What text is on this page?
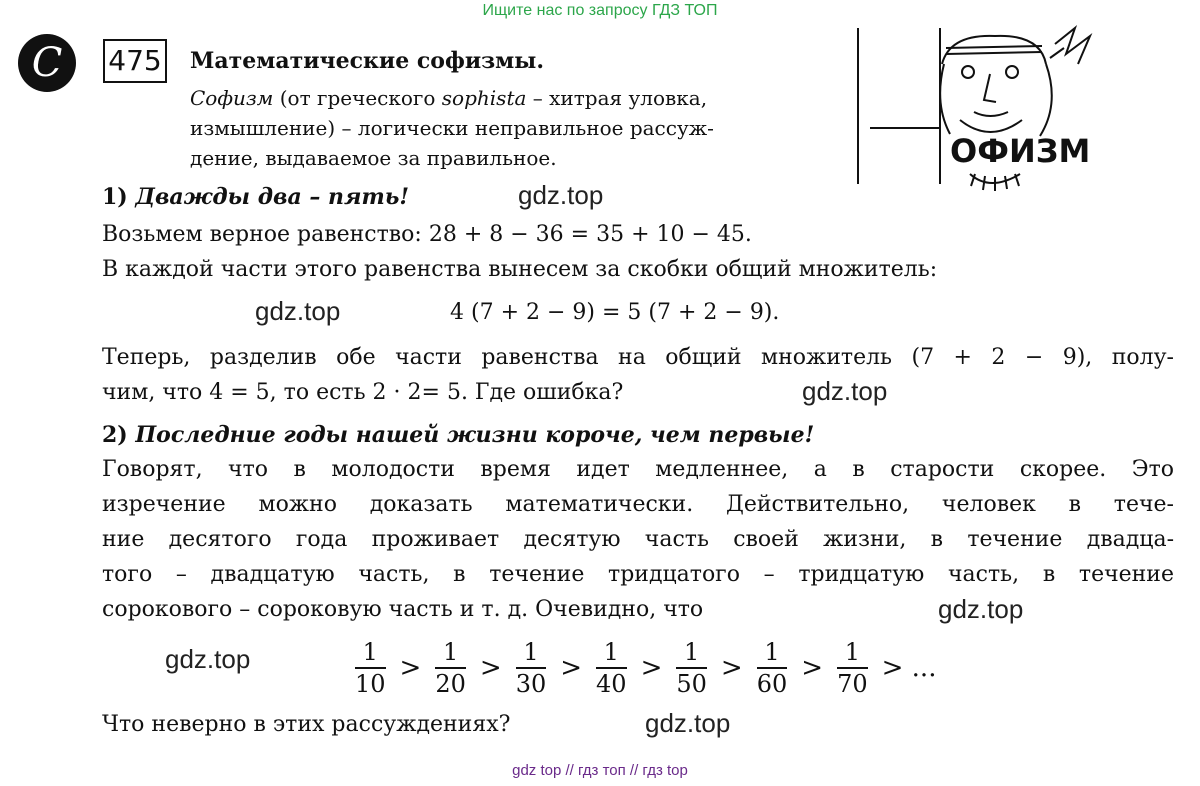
Ищите нас по запросу ГДЗ ТОП
C	475 Математические софизмы.
Софизм (от греческого sophista – хитрая уловка,
измышление) – логически неправильное рассуж-
дение, выдаваемое за правильное.	ОФИЗМ
1) Дважды два – пять!	gdz.top
Возьмем верное равенство: 28 + 8 − 36 = 35 + 10 − 45.
В каждой части этого равенства вынесем за скобки общий множитель:
gdz.top	4 (7 + 2 − 9) = 5 (7 + 2 − 9).
Теперь, разделив обе части равенства на общий множитель (7 + 2 − 9), полу-
чим, что 4 = 5, то есть 2 · 2= 5. Где ошибка?	gdz.top
2) Последние годы нашей жизни короче, чем первые!
Говорят, что в молодости время идет медленнее, а в старости скорее. Это
изречение можно доказать математически. Действительно, человек в тече-
ние десятого года проживает десятую часть своей жизни, в течение двадца-
того – двадцатую часть, в течение тридцатого – тридцатую часть, в течение
сорокового – сороковую часть и т. д. Очевидно, что	gdz.top
gdz.top	$\frac{1}{10} > \frac{1}{20} > \frac{1}{30} > \frac{1}{40} > \frac{1}{50} > \frac{1}{60} > \frac{1}{70}$ > ...
Что неверно в этих рассуждениях?	gdz.top
gdz top // гдз топ // гдз top
